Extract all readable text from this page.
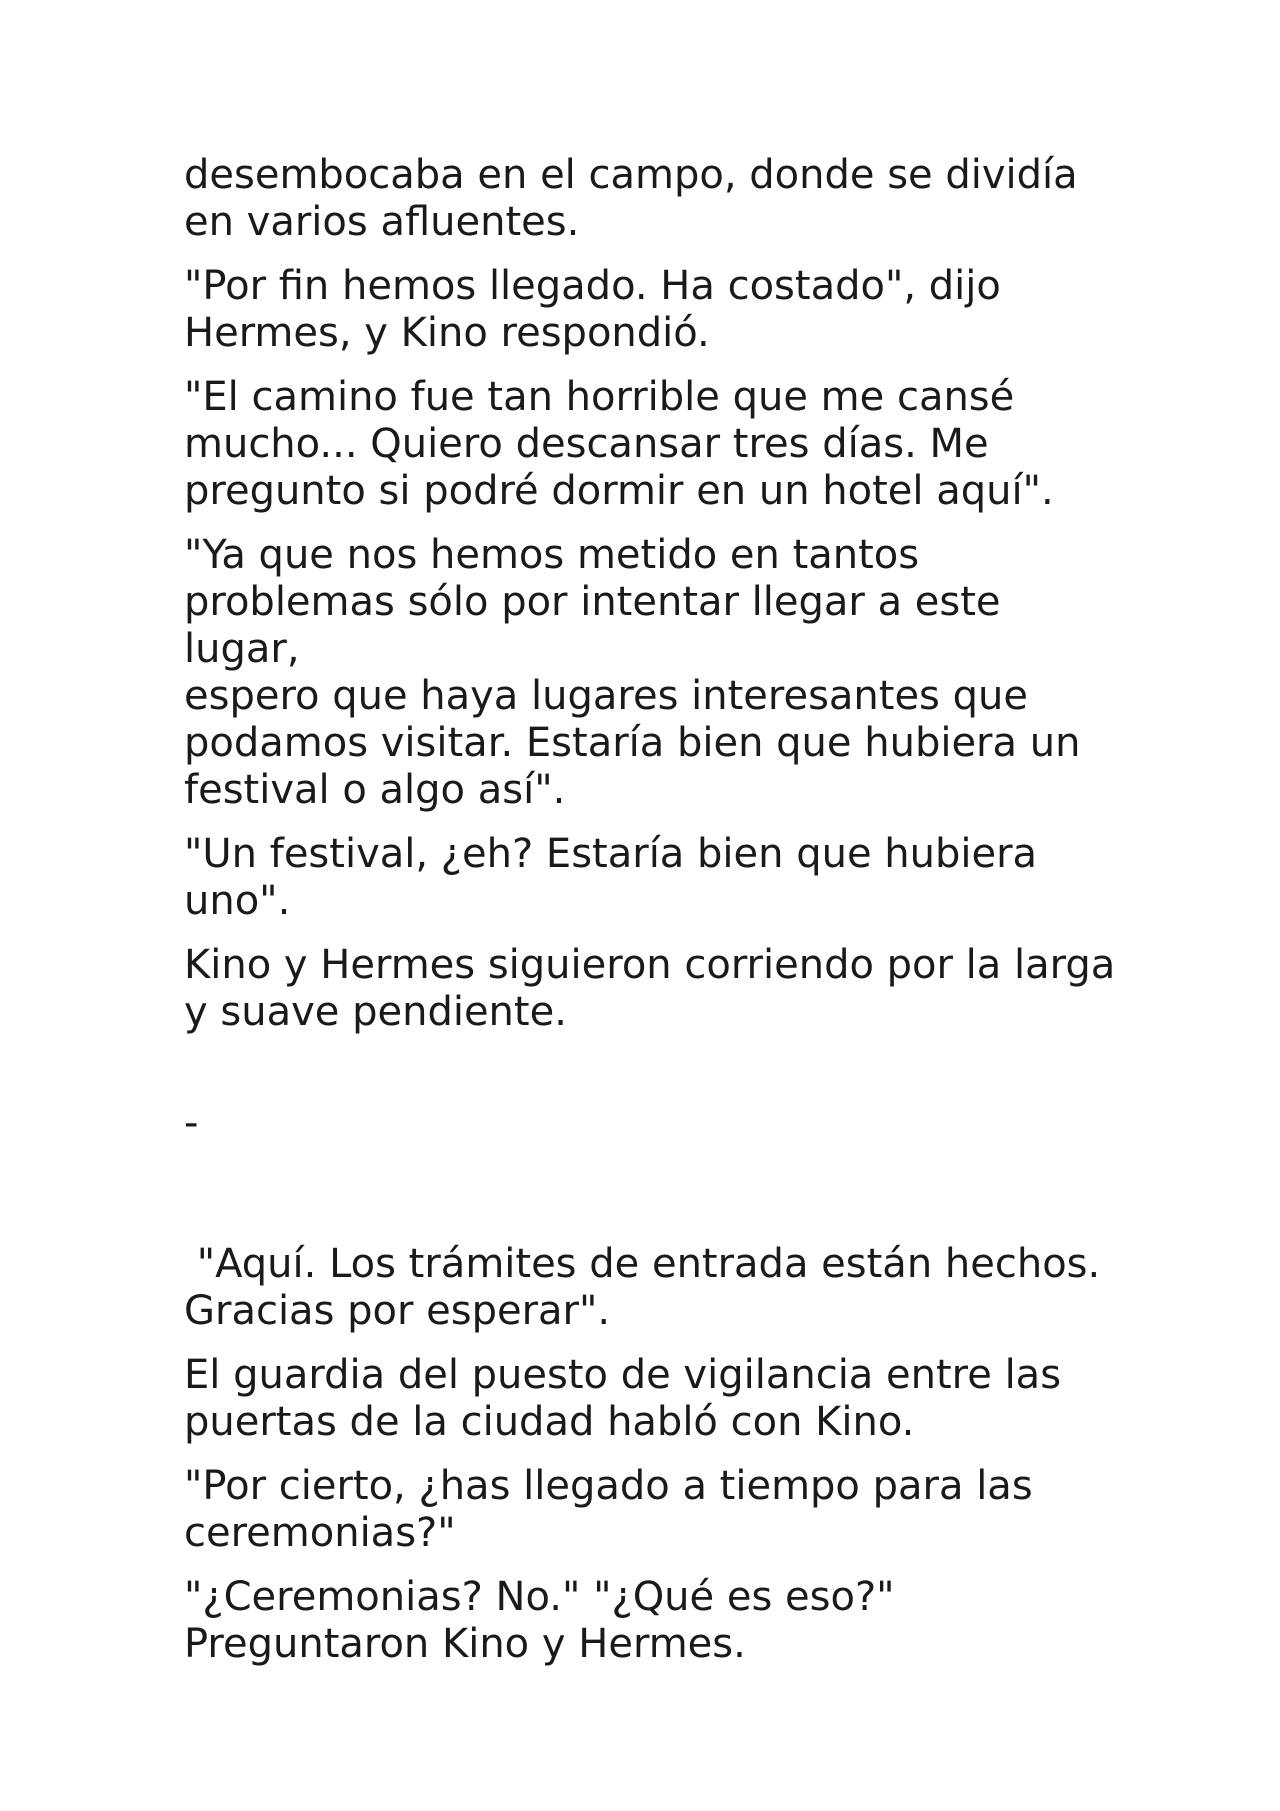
desembocaba en el campo, donde se dividía
en varios afluentes.

"Por fin hemos llegado. Ha costado", dijo
Hermes, y Kino respondió.

"El camino fue tan horrible que me cansé
mucho... Quiero descansar tres días. Me
pregunto si podré dormir en un hotel aquí".

"Ya que nos hemos metido en tantos
problemas sólo por intentar llegar a este lugar,
espero que haya lugares interesantes que
podamos visitar. Estaría bien que hubiera un
festival o algo así".

"Un festival, ¿eh? Estaría bien que hubiera
uno".

Kino y Hermes siguieron corriendo por la larga
y suave pendiente.

-

"Aquí. Los trámites de entrada están hechos.
Gracias por esperar".

El guardia del puesto de vigilancia entre las
puertas de la ciudad habló con Kino.

"Por cierto, ¿has llegado a tiempo para las
ceremonias?"

"¿Ceremonias? No." "¿Qué es eso?"
Preguntaron Kino y Hermes.
